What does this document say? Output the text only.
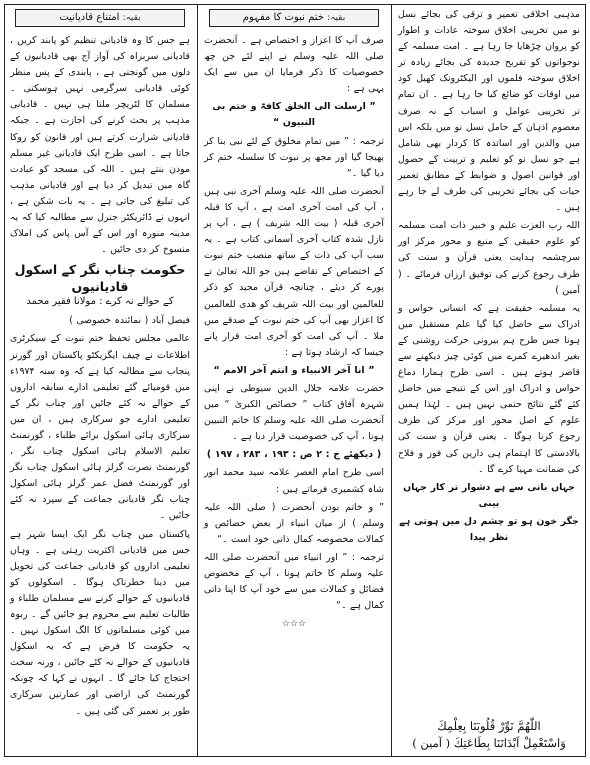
مذہبی اخلاقی تعمیر و ترقی کی بجائے نسل نو میں تخریبی اخلاق سوختہ عادات و اطوار کو پروان چڑھایا جا رہا ہے ۔ امت مسلمہ کے نوجوانوں کو تفریح جدیدہ کی بجائے زیادہ تر اخلاق سوختہ فلموں اور الیکٹرونک کھیل کود میں اوقات کو ضائع کیا جا رہا ہے ۔ ان تمام تر تخریبی عوامل و اسباب کے نہ صرف معصوم اذہان کے حامل نسل نو میں بلکہ اس میں والدین اور اساتذہ کا کردار بھی شامل ہے جو نسل نو کو تعلیم و تربیت کے حصول اور قوانین اصول و ضوابط کے مطابق تعمیر حیات کی بجائے تخریبی کی طرف لے جا رہے ہیں ۔

اللہ رب العزت علیم و خبیر ذات امت مسلمہ کو علوم حقیقی کے منبع و محور مرکز اور سرچشمہ ہدایت یعنی قرآن و سنت کی طرف رجوع کرنے کی توفیق ارزاں فرمائے ۔ ( آمین )

یہ مسلمہ حقیقت ہے کہ انسانی حواس و ادراک سے حاصل کیا گیا علم مستقبل میں ہونا جس طرح ہم بیرونی حرکت روشنی کے بغیر اندھیرے کمرے میں کوئی چیز دیکھنے سے قاصر ہوتے ہیں ۔ اسی طرح ہمارا دماغ حواس و ادراک اور اس کے نتیجے میں حاصل کئے گئے نتائج حتمی نہیں ہیں ۔ لہٰذا ہمیں علوم کے اصل محور اور مرکز کی طرف رجوع کرنا ہوگا ۔ یعنی قرآن و سنت کی بالادستی کا اہتمام ہی دارین کی فوز و فلاح کی ضمانت مہیا کرے گا ۔

جہاں بانی سے ہے دشوار تر کار جہاں بینی

جگر خون ہو تو چشم دل میں ہوتی ہے نظر پیدا

اللّٰھُمَّ نَوِّرْ قُلُوبَنَا بِعِلْمِكَ
وَاسْتَعْمِلْ اَبْدَانَنَا بِطَاعَتِكَ ( آمین )
بقیہ: ختم نبوت کا مفہوم

صرف آپ کا اعزاز و اختصاص ہے ۔ آنحضرت صلی اللہ علیہ وسلم نے اپنے لئے جن چھ خصوصیات کا ذکر فرمایا ان میں سے ایک یہی ہے :

” ارسلت الی الخلق کافۃ و ختم بی النبیون “

ترجمہ : ” میں تمام مخلوق کے لئے نبی بنا کر بھیجا گیا اور مجھ پر نبوت کا سلسلہ ختم کر دیا گیا ۔“

آنحضرت صلی اللہ علیہ وسلم آخری نبی ہیں ، آپ کی امت آخری امت ہے ، آپ کا قبلہ آخری قبلہ ( بیت اللہ شریف ) ہے ، آپ پر نازل شدہ کتاب آخری آسمانی کتاب ہے ۔ یہ سب آپ کی ذات کے ساتھ منصب ختم نبوت کے اختصاص کے تقاضے ہیں جو اللہ تعالیٰ نے پورے کر دیئے ، چنانچہ قرآن مجید کو ذکر للعالمین اور بیت اللہ شریف کو ھدی للعالمین کا اعزاز بھی آپ کی ختم نبوت کے صدقے میں ملا ۔ آپ کی امت کو آخری امت قرار پانے جیسا کہ ارشاد ہوتا ہے :

” انا آخر الانبیاء و انتم آخر الامم “

حضرت علامہ جلال الدین سیوطی نے اپنی شہرہ آفاق کتاب ” خصائص الکبریٰ “ میں آنحضرت صلی اللہ علیہ وسلم کا خاتم النبیین ہونا ، آپ کی خصوصیت قرار دیا ہے ۔

( دیکھئے ج : ۲ ص : ۱۹۳ ، ۲۸۳ ، ۱۹۷ )

اسی طرح امام العصر علامہ سید محمد انور شاہ کشمیری فرماتے ہیں :

” و خاتم بودن آنحضرت ( صلی اللہ علیہ وسلم ) از میان انبیاء از بعض خصائص و کمالات مخصوصہ کمال ذاتی خود است ۔“

ترجمہ : ” اور انبیاء میں آنحضرت صلی اللہ علیہ وسلم کا خاتم ہونا ، آپ کے مخصوص فضائل و کمالات میں سے خود آپ کا اپنا ذاتی کمال ہے ۔“

☆☆☆

بقیہ: امتناع قادیانیت

ہے جس کا وہ قادیانی تنظیم کو پابند کریں ، قادیانی سربراہ کی آواز آج بھی قادیانیوں کے دلوں میں گونجتی ہے ، پابندی کے پس منظر کوئی قادیانی سرگرمی نہیں ہوسکتی ۔ مسلمان کا لٹریچر ملتا ہی نہیں ۔ قادیانی مذہب پر بحث کرنے کی اجازت ہے ۔ جبکہ قادیانی شرارت کرتے ہیں اور قانون کو روکا جاتا ہے ۔ اسی طرح ایک قادیانی غیر مسلم موذن بنتے ہیں ۔ اللہ کی مسجد کو عبادت گاہ میں تبدیل کر دیا ہے اور قادیانی مذہب کی تبلیغ کی جاتی ہے ۔ یہ بات شکن ہے ، انہوں نے ڈائریکٹر جنرل سے مطالبہ کیا کہ یہ مدینہ منورہ اور اس کے آس پاس کی املاک منسوخ کر دی جائیں ۔

حکومت چناب نگر کے اسکول قادیانیوں
کے حوالے نہ کرے : مولانا فقیر محمد

فیصل آباد ( نمائندہ خصوصی )

عالمی مجلس تحفظ ختم نبوت کے سیکرٹری اطلاعات نے چیف ایگزیکٹو پاکستان اور گورنر پنجاب سے مطالبہ کیا ہے کہ وہ سنہ ۱۹۷۴ء میں قومیائے گئے تعلیمی ادارے سابقہ اداروں کے حوالے نہ کئے جائیں اور چناب نگر کے تعلیمی ادارے جو سرکاری ہیں ، ان میں سرکاری ہائی اسکول برائے طلباء ، گورنمنٹ تعلیم الاسلام ہائی اسکول چناب نگر ، گورنمنٹ نصرت گرلز ہائی اسکول چناب نگر اور گورنمنٹ فضل عمر گرلز ہائی اسکول چناب نگر قادیانی جماعت کے سپرد نہ کئے جائیں ۔

پاکستان میں چناب نگر ایک ایسا شہر ہے جس میں قادیانی اکثریت رہتی ہے ۔ وہاں تعلیمی اداروں کو قادیانی جماعت کی تحویل میں دینا خطرناک ہوگا ۔ اسکولوں کو قادیانیوں کے حوالے کرنے سے مسلمان طلباء و طالبات تعلیم سے محروم ہو جائیں گے ۔ ربوہ میں کوئی مسلمانوں کا الگ اسکول نہیں ۔ یہ حکومت کا فرض ہے کہ یہ اسکول قادیانیوں کے حوالے نہ کئے جائیں ، ورنہ سخت احتجاج کیا جائے گا ۔ انہوں نے کہا کہ چونکہ گورنمنٹ کی اراضی اور عمارتیں سرکاری طور پر تعمیر کی گئی ہیں ۔
